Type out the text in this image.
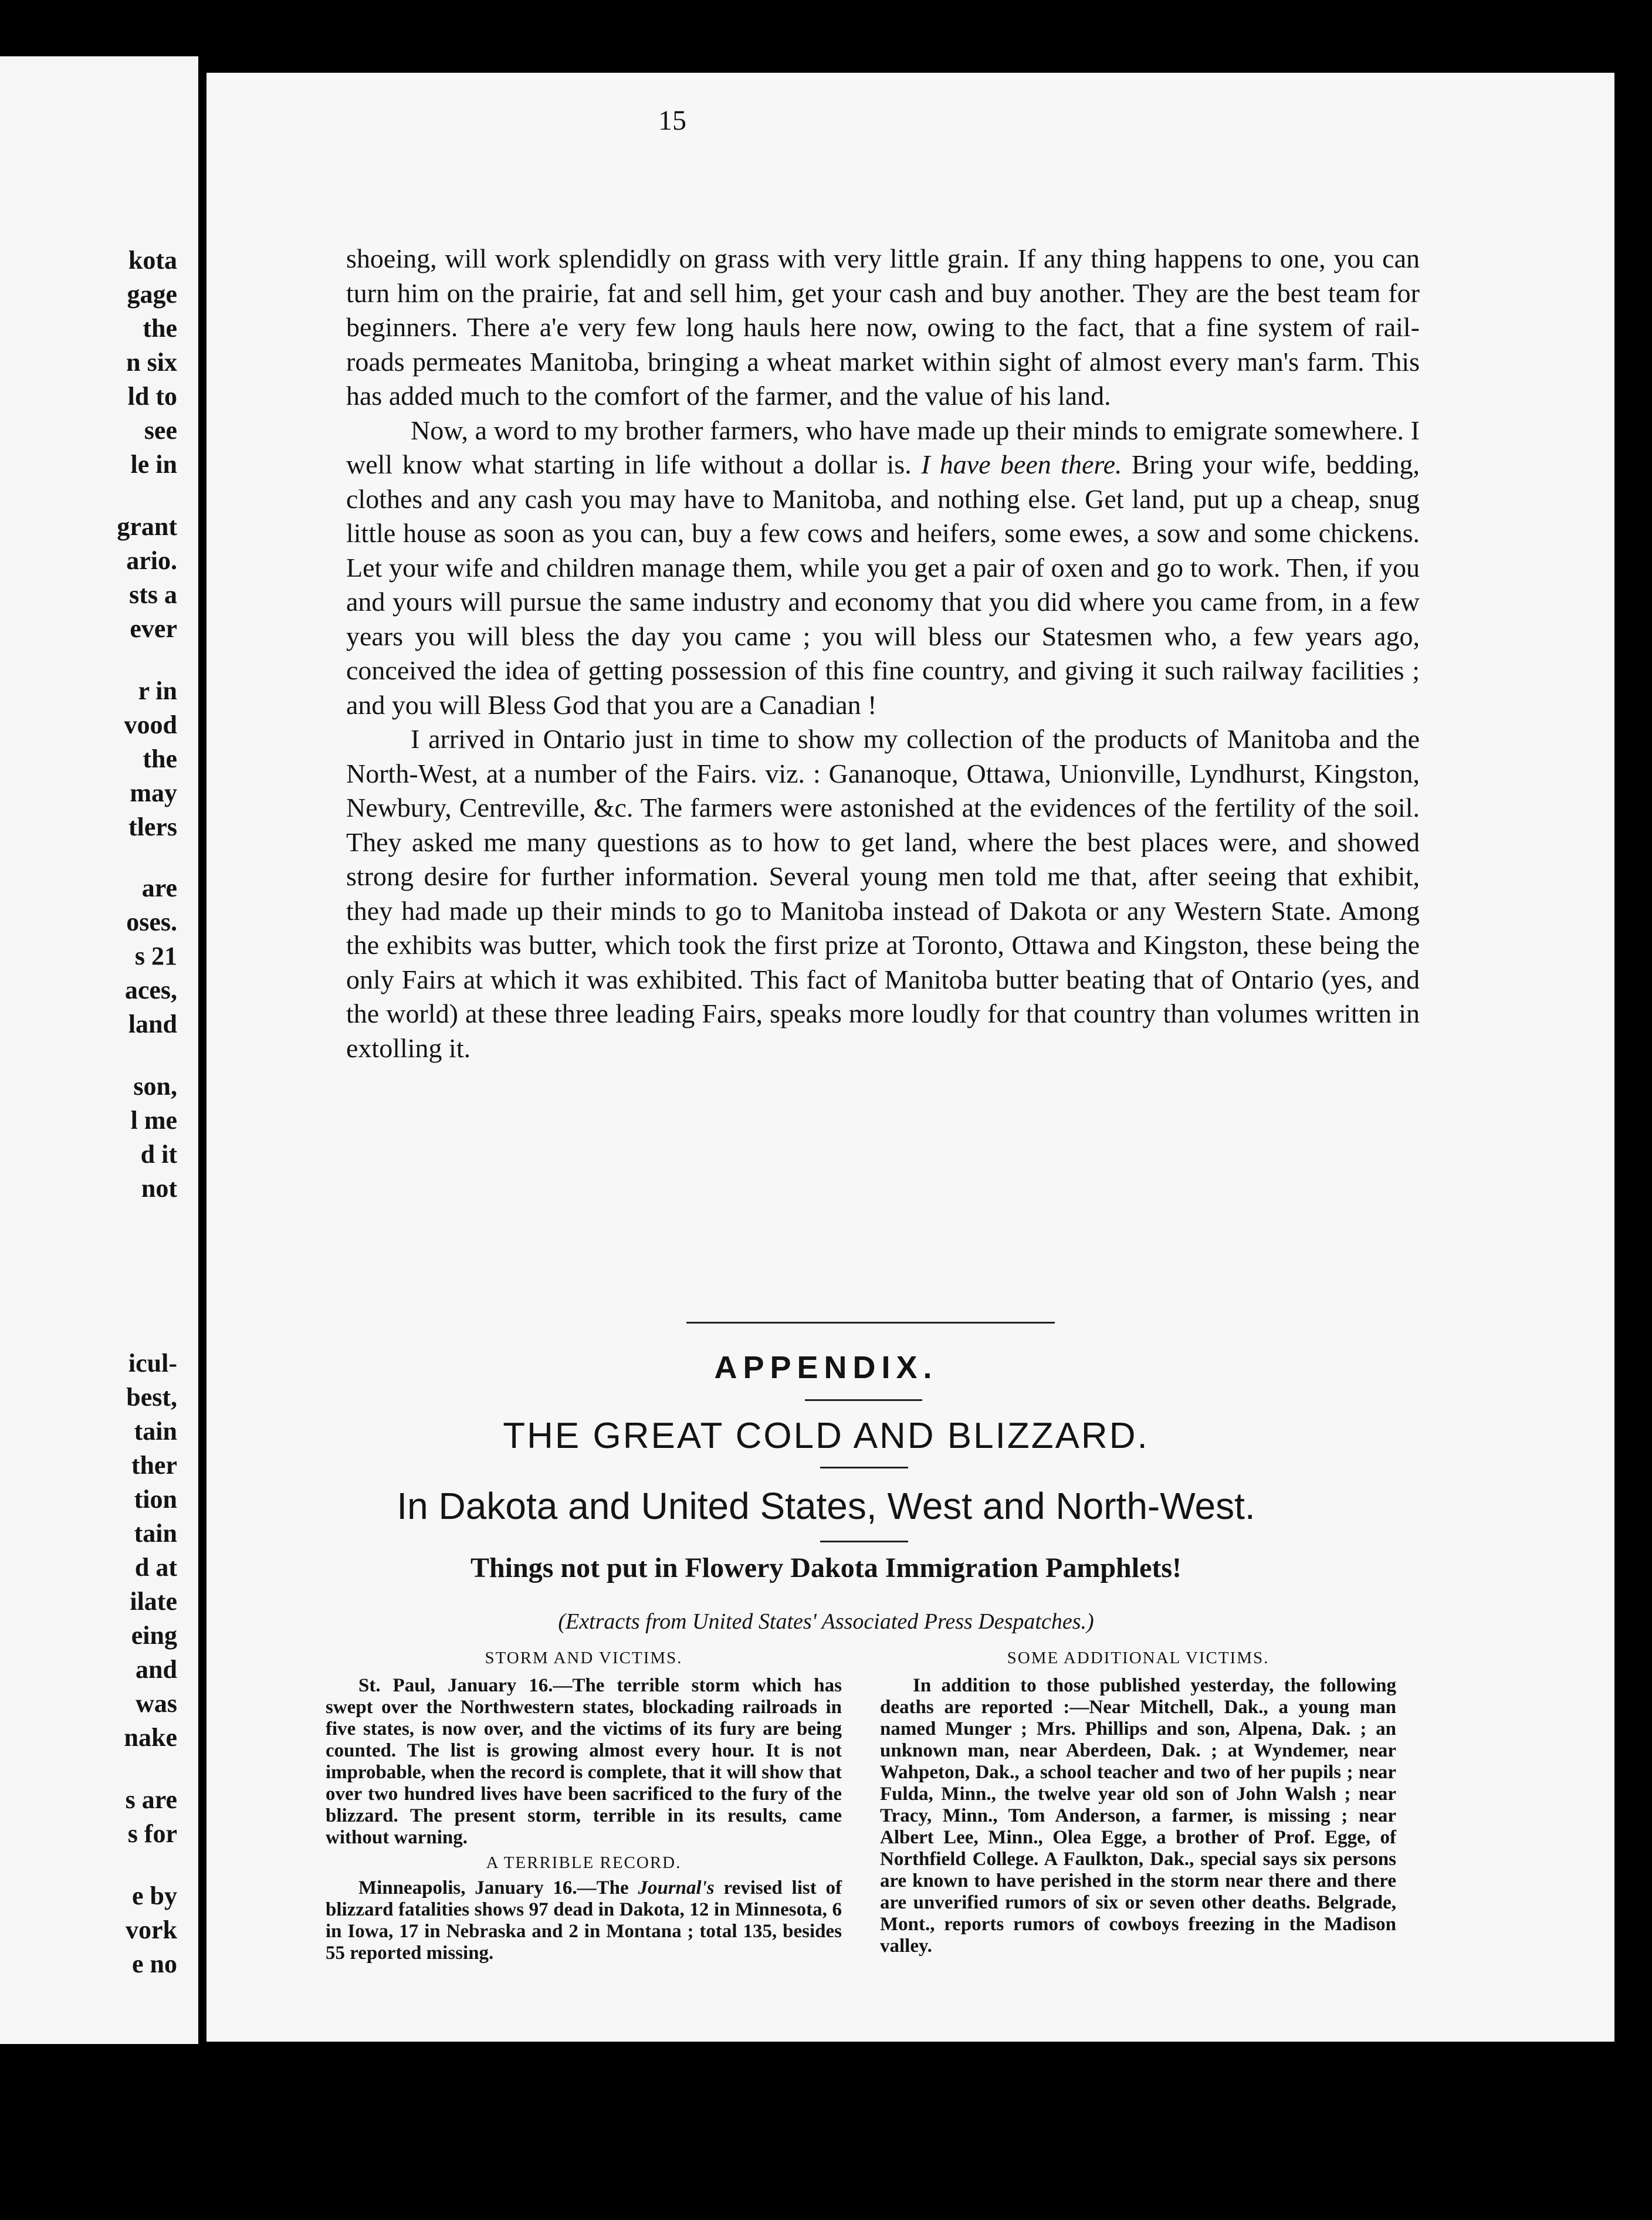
kota
gage
the
n six
ld to
see
le in
grant
ario.
sts a
ever
r in
vood
the
may
tlers
are
oses.
s 21
aces,
land
son,
l me
d it
not
icul-
best,
tain
ther
tion
tain
d at
ilate
eing
and
was
nake
s are
s for
e by
vork
e no
15

shoeing, will work splendidly on grass with very little grain. If any thing happens to one, you can turn him on the prairie, fat and sell him, get your cash and buy another. They are the best team for beginners. There a'e very few long hauls here now, owing to the fact, that a fine system of rail-roads permeates Manitoba, bringing a wheat market within sight of almost every man's farm. This has added much to the comfort of the farmer, and the value of his land.

Now, a word to my brother farmers, who have made up their minds to emigrate somewhere. I well know what starting in life without a dollar is. I have been there. Bring your wife, bedding, clothes and any cash you may have to Manitoba, and nothing else. Get land, put up a cheap, snug little house as soon as you can, buy a few cows and heifers, some ewes, a sow and some chickens. Let your wife and children manage them, while you get a pair of oxen and go to work. Then, if you and yours will pursue the same industry and economy that you did where you came from, in a few years you will bless the day you came ; you will bless our Statesmen who, a few years ago, conceived the idea of getting possession of this fine country, and giving it such railway facilities ; and you will Bless God that you are a Canadian !

I arrived in Ontario just in time to show my collection of the products of Manitoba and the North-West, at a number of the Fairs. viz. : Gananoque, Ottawa, Unionville, Lyndhurst, Kingston, Newbury, Centreville, &c. The farmers were astonished at the evidences of the fertility of the soil. They asked me many questions as to how to get land, where the best places were, and showed strong desire for further information. Several young men told me that, after seeing that exhibit, they had made up their minds to go to Manitoba instead of Dakota or any Western State. Among the exhibits was butter, which took the first prize at Toronto, Ottawa and Kingston, these being the only Fairs at which it was exhibited. This fact of Manitoba butter beating that of Ontario (yes, and the world) at these three leading Fairs, speaks more loudly for that country than volumes written in extolling it.

APPENDIX.
THE GREAT COLD AND BLIZZARD.
In Dakota and United States, West and North-West.
Things not put in Flowery Dakota Immigration Pamphlets!
(Extracts from United States' Associated Press Despatches.)
STORM AND VICTIMS.

St. Paul, January 16.—The terrible storm which has swept over the Northwestern states, blockading railroads in five states, is now over, and the victims of its fury are being counted. The list is growing almost every hour. It is not improbable, when the record is complete, that it will show that over two hundred lives have been sacrificed to the fury of the blizzard. The present storm, terrible in its results, came without warning.

A TERRIBLE RECORD.

Minneapolis, January 16.—The Journal's revised list of blizzard fatalities shows 97 dead in Dakota, 12 in Minnesota, 6 in Iowa, 17 in Nebraska and 2 in Montana ; total 135, besides 55 reported missing.

SOME ADDITIONAL VICTIMS.

In addition to those published yesterday, the following deaths are reported :—Near Mitchell, Dak., a young man named Munger ; Mrs. Phillips and son, Alpena, Dak. ; an unknown man, near Aberdeen, Dak. ; at Wyndemer, near Wahpeton, Dak., a school teacher and two of her pupils ; near Fulda, Minn., the twelve year old son of John Walsh ; near Tracy, Minn., Tom Anderson, a farmer, is missing ; near Albert Lee, Minn., Olea Egge, a brother of Prof. Egge, of Northfield College. A Faulkton, Dak., special says six persons are known to have perished in the storm near there and there are unverified rumors of six or seven other deaths. Belgrade, Mont., reports rumors of cowboys freezing in the Madison valley.
